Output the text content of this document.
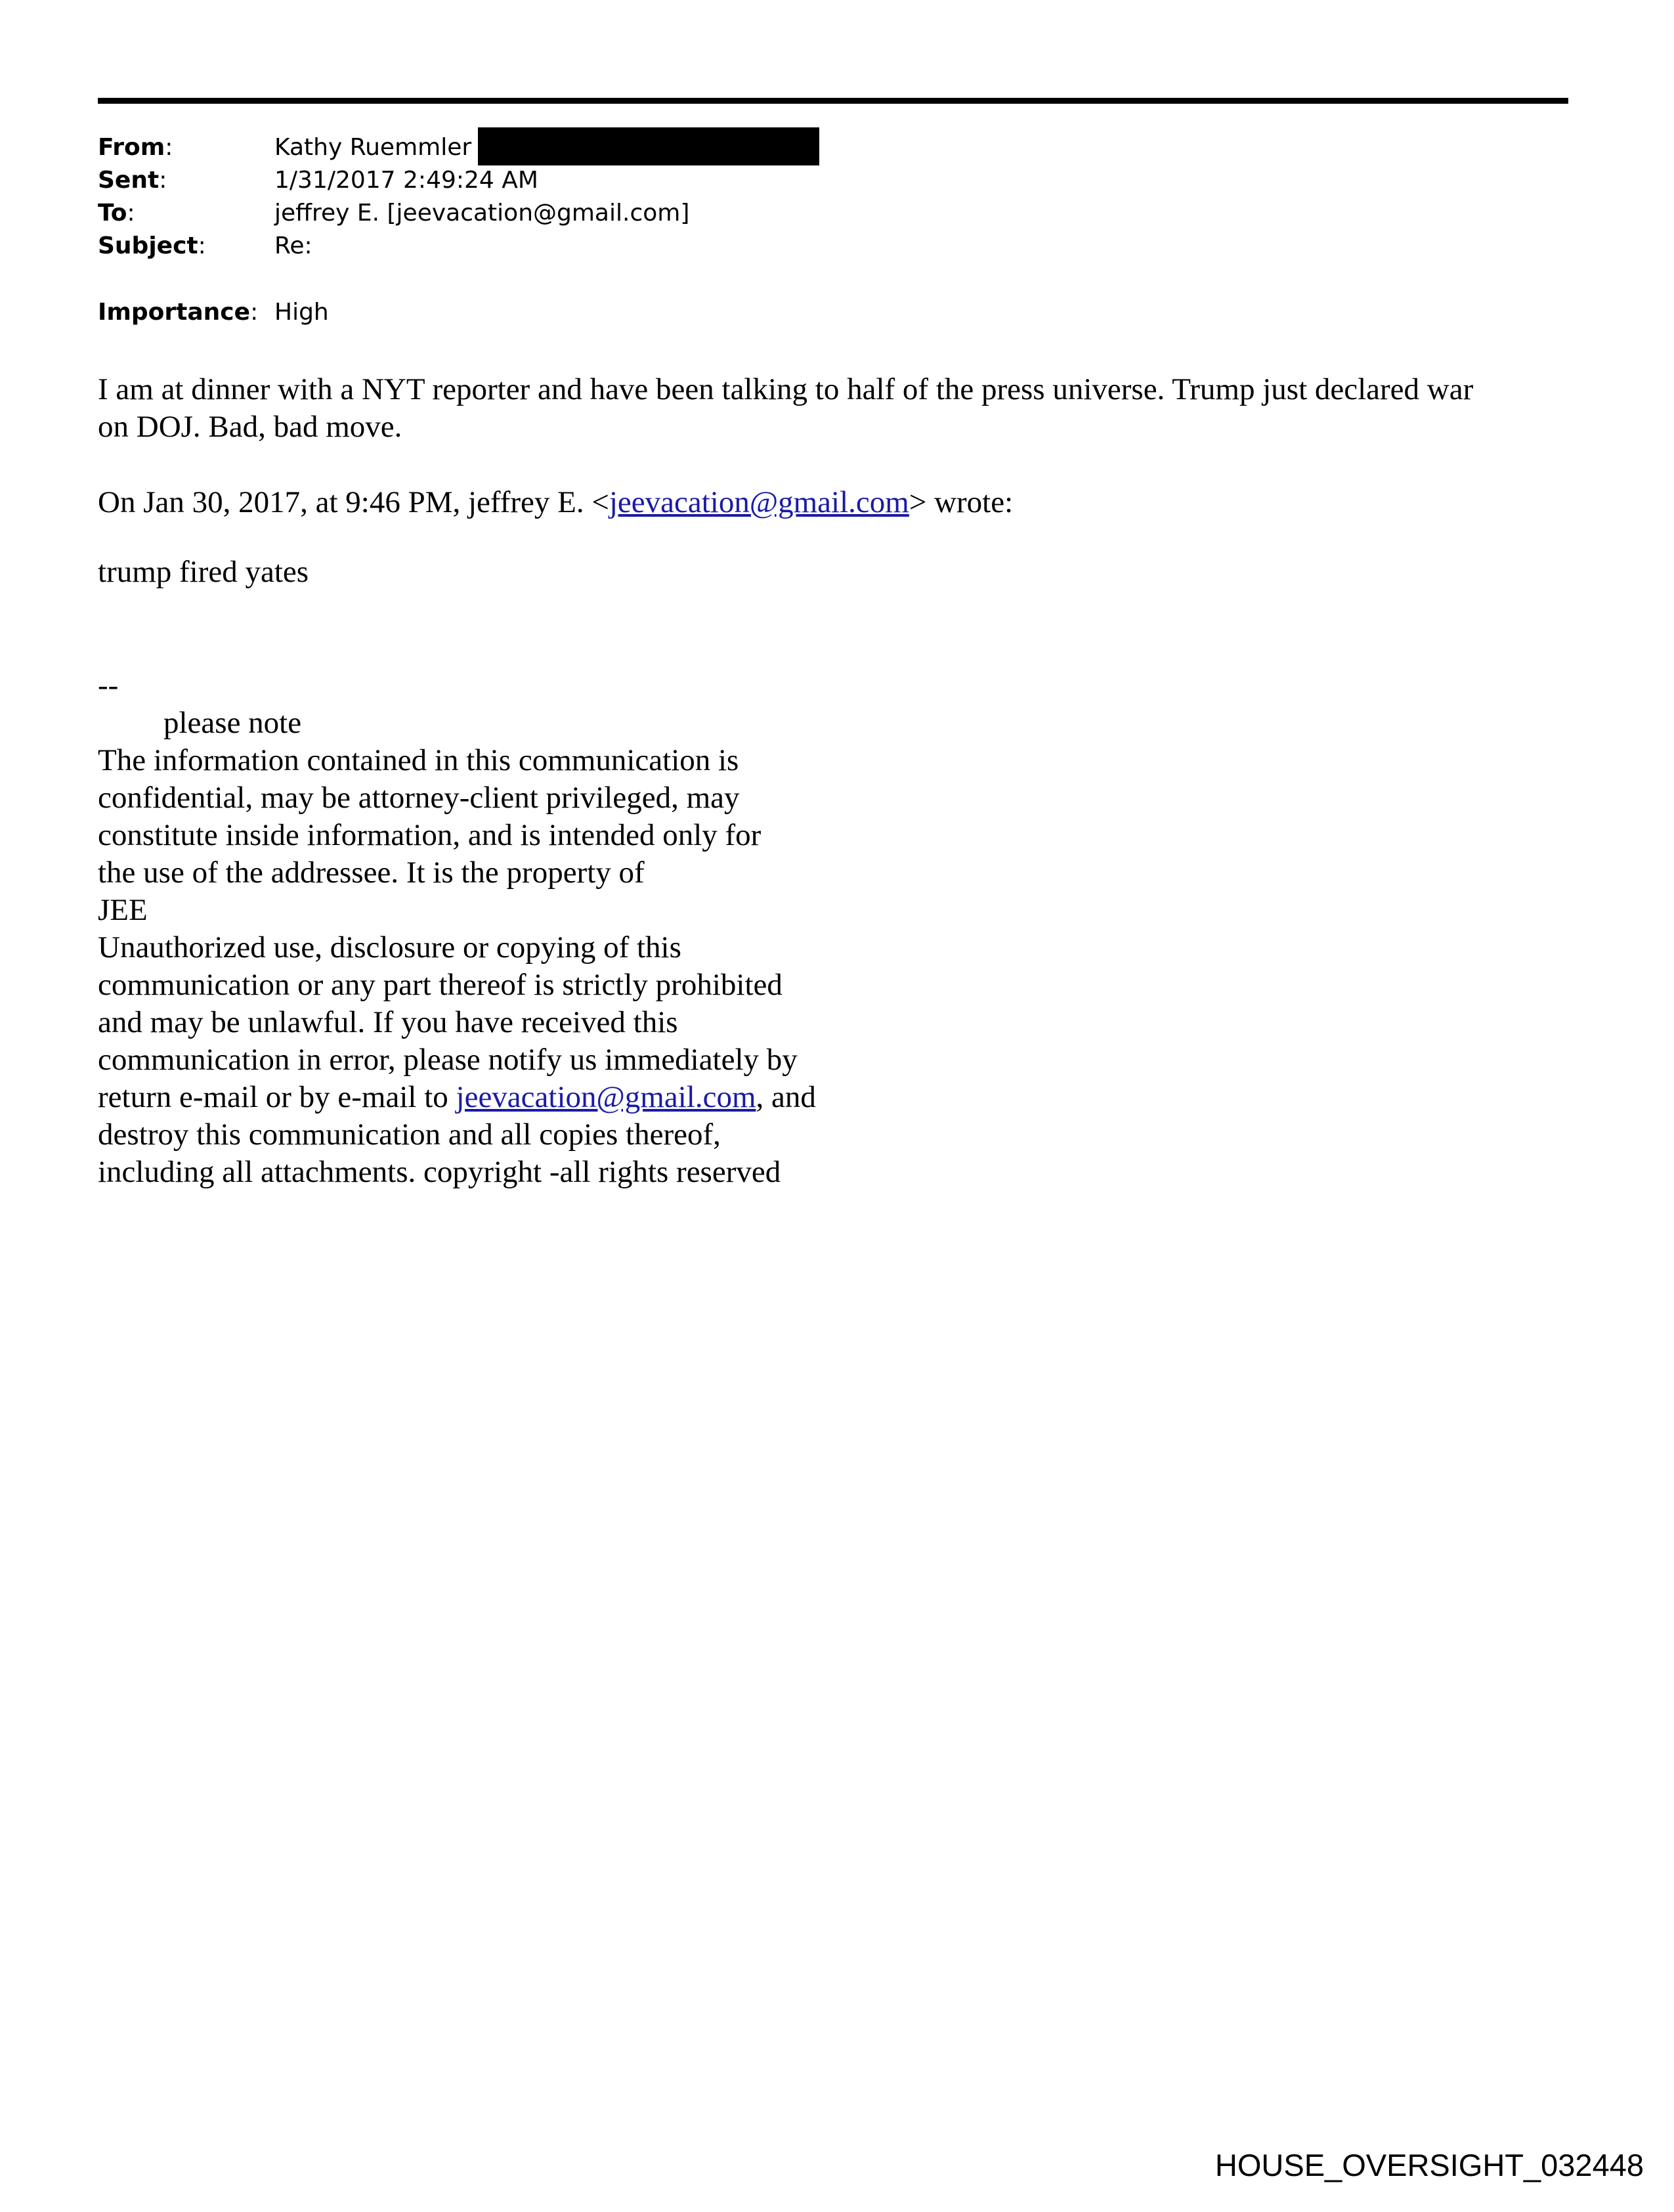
From:	Kathy Ruemmler
Sent:	1/31/2017 2:49:24 AM
To:	jeffrey E. [jeevacation@gmail.com]
Subject:	Re:
Importance: High
I am at dinner with a NYT reporter and have been talking to half of the press universe. Trump just declared war
on DOJ. Bad, bad move.
On Jan 30, 2017, at 9:46 PM, jeffrey E. <jeevacation@gmail.com> wrote:
trump fired yates
--
please note
The information contained in this communication is
confidential, may be attorney-client privileged, may
constitute inside information, and is intended only for
the use of the addressee. It is the property of
JEE
Unauthorized use, disclosure or copying of this
communication or any part thereof is strictly prohibited
and may be unlawful. If you have received this
communication in error, please notify us immediately by
return e-mail or by e-mail to jeevacation@gmail.com, and
destroy this communication and all copies thereof,
including all attachments. copyright -all rights reserved
HOUSE_OVERSIGHT_032448
